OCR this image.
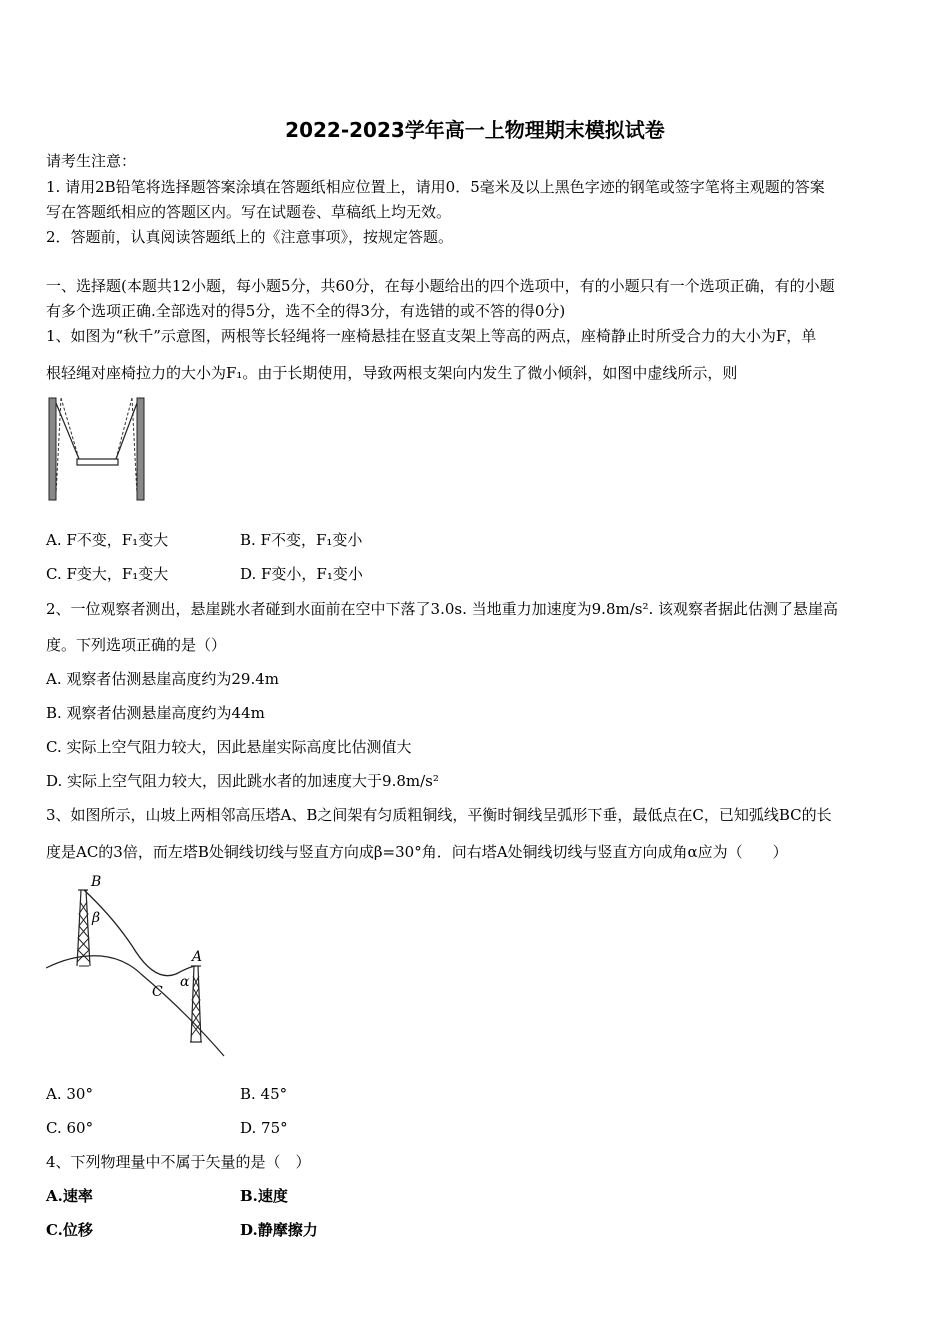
2022-2023学年高一上物理期末模拟试卷
请考生注意：
1. 请用2B铅笔将选择题答案涂填在答题纸相应位置上，请用0．5毫米及以上黑色字迹的钢笔或签字笔将主观题的答案
写在答题纸相应的答题区内。写在试题卷、草稿纸上均无效。
2．答题前，认真阅读答题纸上的《注意事项》，按规定答题。
一、选择题(本题共12小题，每小题5分，共60分，在每小题给出的四个选项中，有的小题只有一个选项正确，有的小题
有多个选项正确.全部选对的得5分，选不全的得3分，有选错的或不答的得0分)
1、如图为“秋千”示意图，两根等长轻绳将一座椅悬挂在竖直支架上等高的两点，座椅静止时所受合力的大小为F，单
根轻绳对座椅拉力的大小为F₁。由于长期使用，导致两根支架向内发生了微小倾斜，如图中虚线所示，则
A. F不变，F₁变大	B. F不变，F₁变小
C. F变大，F₁变大	D. F变小，F₁变小
2、一位观察者测出，悬崖跳水者碰到水面前在空中下落了3.0s. 当地重力加速度为9.8m/s². 该观察者据此估测了悬崖高
度。下列选项正确的是（）
A. 观察者估测悬崖高度约为29.4m
B. 观察者估测悬崖高度约为44m
C. 实际上空气阻力较大，因此悬崖实际高度比估测值大
D. 实际上空气阻力较大，因此跳水者的加速度大于9.8m/s²
3、如图所示，山坡上两相邻高压塔A、B之间架有匀质粗铜线，平衡时铜线呈弧形下垂，最低点在C，已知弧线BC的长
度是AC的3倍，而左塔B处铜线切线与竖直方向成β=30°角．问右塔A处铜线切线与竖直方向成角α应为（　　）
B
β
C
A
α
A. 30°	B. 45°
C. 60°	D. 75°
4、下列物理量中不属于矢量的是（　）
A.速率	B.速度
C.位移	D.静摩擦力
